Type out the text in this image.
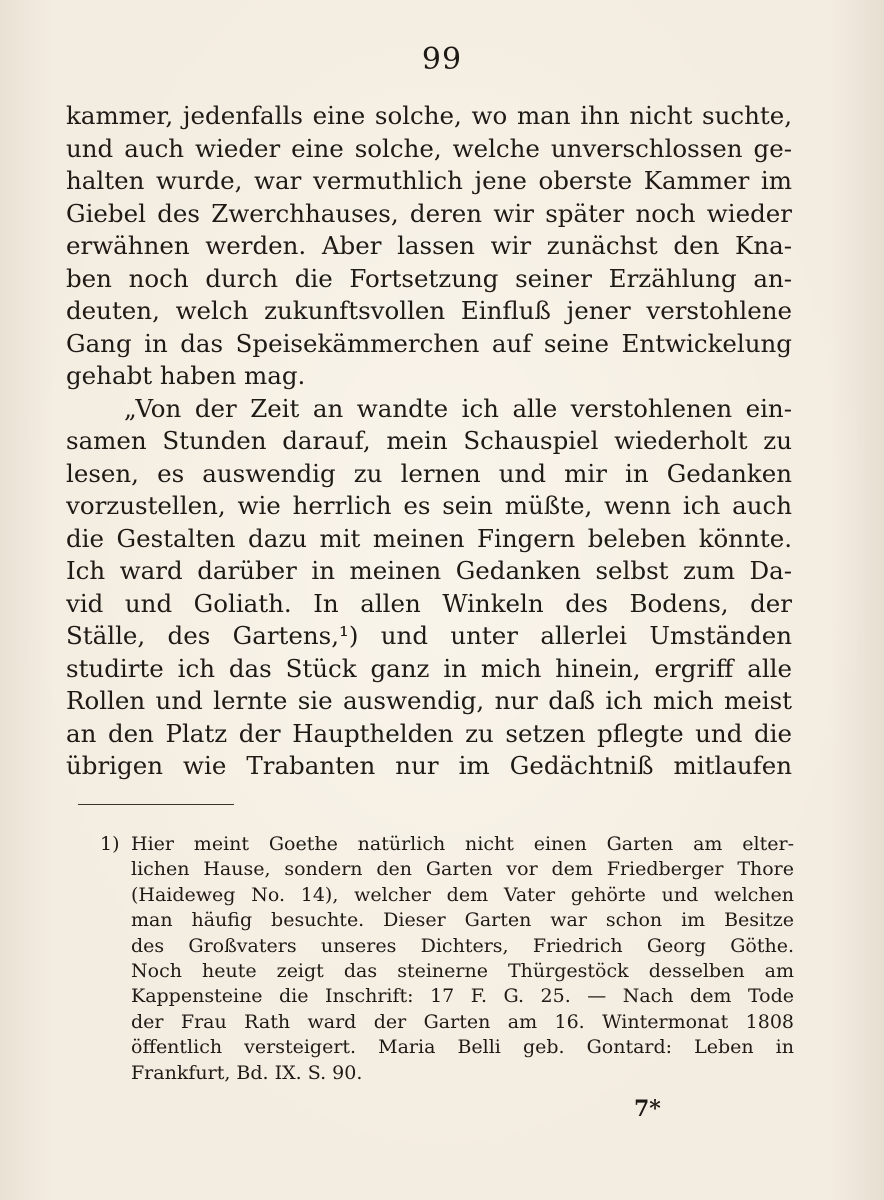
99
kammer, jedenfalls eine solche, wo man ihn nicht suchte,
und auch wieder eine solche, welche unverschlossen ge-
halten wurde, war vermuthlich jene oberste Kammer im
Giebel des Zwerchhauses, deren wir später noch wieder
erwähnen werden. Aber lassen wir zunächst den Kna-
ben noch durch die Fortsetzung seiner Erzählung an-
deuten, welch zukunftsvollen Einfluß jener verstohlene
Gang in das Speisekämmerchen auf seine Entwickelung
gehabt haben mag.
„Von der Zeit an wandte ich alle verstohlenen ein-
samen Stunden darauf, mein Schauspiel wiederholt zu
lesen, es auswendig zu lernen und mir in Gedanken
vorzustellen, wie herrlich es sein müßte, wenn ich auch
die Gestalten dazu mit meinen Fingern beleben könnte.
Ich ward darüber in meinen Gedanken selbst zum Da-
vid und Goliath. In allen Winkeln des Bodens, der
Ställe, des Gartens,¹) und unter allerlei Umständen
studirte ich das Stück ganz in mich hinein, ergriff alle
Rollen und lernte sie auswendig, nur daß ich mich meist
an den Platz der Haupthelden zu setzen pflegte und die
übrigen wie Trabanten nur im Gedächtniß mitlaufen
1) Hier meint Goethe natürlich nicht einen Garten am elter-
lichen Hause, sondern den Garten vor dem Friedberger Thore
(Haideweg No. 14), welcher dem Vater gehörte und welchen
man häufig besuchte. Dieser Garten war schon im Besitze
des Großvaters unseres Dichters, Friedrich Georg Göthe.
Noch heute zeigt das steinerne Thürgestöck desselben am
Kappensteine die Inschrift: 17 F. G. 25. — Nach dem Tode
der Frau Rath ward der Garten am 16. Wintermonat 1808
öffentlich versteigert. Maria Belli geb. Gontard: Leben in
Frankfurt, Bd. IX. S. 90.
7*
